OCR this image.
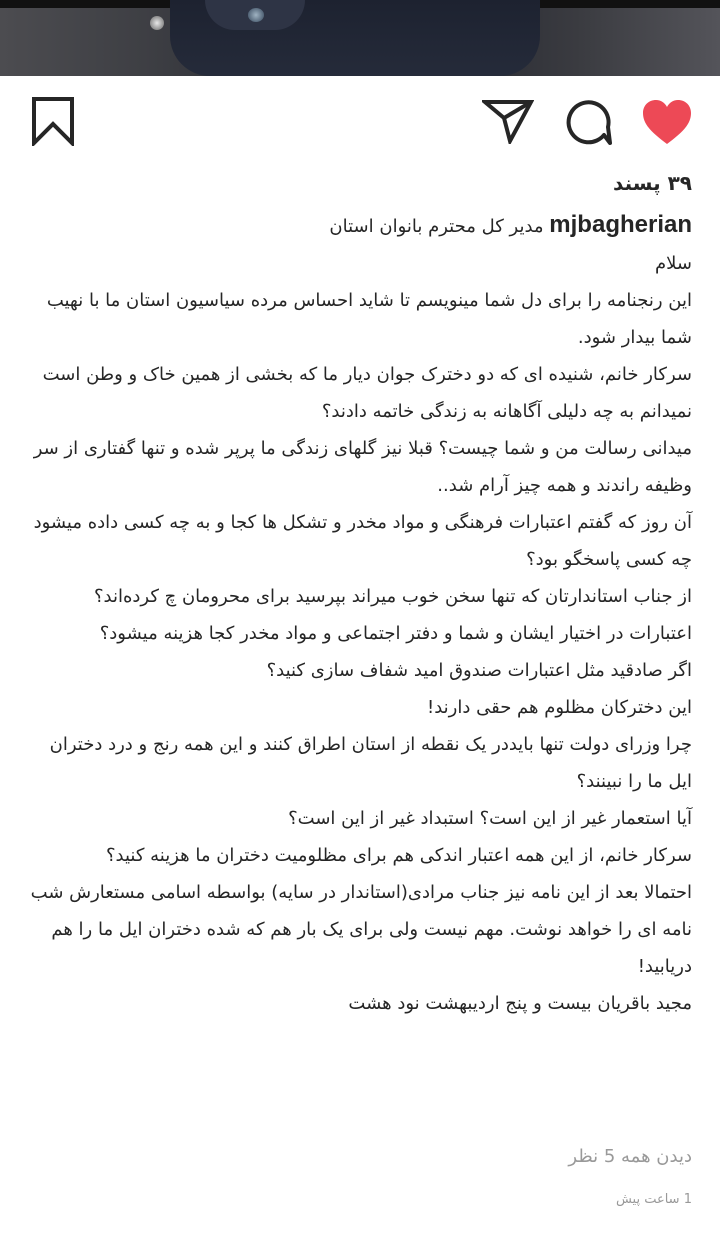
۳۹ پسند

mjbagherian مدیر کل محترم بانوان استان

سلام

این رنجنامه را برای دل شما مینویسم تا شاید احساس مرده سیاسیون استان ما با نهیب شما بیدار شود.

سرکار خانم، شنیده ای که دو دخترک جوان دیار ما که بخشی از همین خاک و وطن است نمیدانم به چه دلیلی آگاهانه به زندگی خاتمه دادند؟

میدانی رسالت من و شما چیست؟ قبلا نیز گلهای زندگی ما پرپر شده و تنها گفتاری از سر وظیفه راندند و همه چیز آرام شد..

آن روز که گفتم اعتبارات فرهنگی و مواد مخدر و تشکل ها کجا و به چه کسی داده میشود چه کسی پاسخگو بود؟

از جناب استاندارتان که تنها سخن خوب میراند بپرسید برای محرومان چ کرده‌اند؟

اعتبارات در اختیار ایشان و شما و دفتر اجتماعی و مواد مخدر کجا هزینه میشود؟

اگر صادقید مثل اعتبارات صندوق امید شفاف سازی کنید؟

این دخترکان مظلوم هم حقی دارند!

چرا وزرای دولت تنها بایددر یک نقطه از استان اطراق کنند و این همه رنج و درد دختران ایل ما را نبینند؟

آیا استعمار غیر از این است؟ استبداد غیر از این است؟

سرکار خانم، از این همه اعتبار اندکی هم برای مظلومیت دختران ما هزینه کنید؟

احتمالا بعد از این نامه نیز جناب مرادی(استاندار در سایه) بواسطه اسامی مستعارش شب نامه ای را خواهد نوشت. مهم نیست ولی برای یک بار هم که شده دختران ایل ما را هم دریابید!

مجید باقریان بیست و پنج اردیبهشت نود هشت

دیدن همه 5 نظر
1 ساعت پیش
